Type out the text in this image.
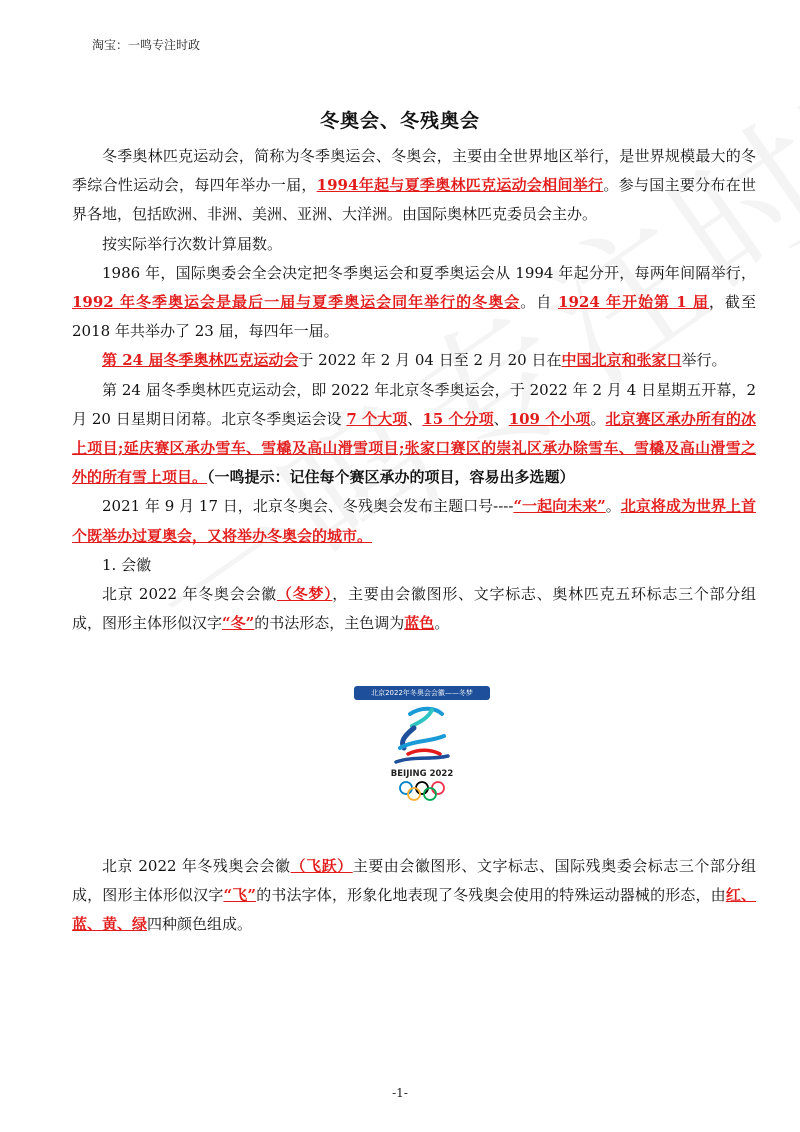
淘宝：一鸣专注时政
冬奥会、冬残奥会

冬季奥林匹克运动会，简称为冬季奥运会、冬奥会，主要由全世界地区举行，是世界规模最大的冬季综合性运动会，每四年举办一届，1994年起与夏季奥林匹克运动会相间举行。参与国主要分布在世界各地，包括欧洲、非洲、美洲、亚洲、大洋洲。由国际奥林匹克委员会主办。

按实际举行次数计算届数。

1986 年，国际奥委会全会决定把冬季奥运会和夏季奥运会从 1994 年起分开，每两年间隔举行，1992 年冬季奥运会是最后一届与夏季奥运会同年举行的冬奥会。自 1924 年开始第 1 届，截至 2018 年共举办了 23 届，每四年一届。

第 24 届冬季奥林匹克运动会于 2022 年 2 月 04 日至 2 月 20 日在中国北京和张家口举行。

第 24 届冬季奥林匹克运动会，即 2022 年北京冬季奥运会，于 2022 年 2 月 4 日星期五开幕，2 月 20 日星期日闭幕。北京冬季奥运会设 7 个大项、15 个分项、109 个小项。北京赛区承办所有的冰上项目;延庆赛区承办雪车、雪橇及高山滑雪项目;张家口赛区的崇礼区承办除雪车、雪橇及高山滑雪之外的所有雪上项目。（一鸣提示：记住每个赛区承办的项目，容易出多选题）

2021 年 9 月 17 日，北京冬奥会、冬残奥会发布主题口号----“一起向未来”。北京将成为世界上首个既举办过夏奥会，又将举办冬奥会的城市。

1. 会徽

北京 2022 年冬奥会会徽（冬梦），主要由会徽图形、文字标志、奥林匹克五环标志三个部分组成，图形主体形似汉字“冬”的书法形态，主色调为蓝色。

北京2022年冬奥会会徽——冬梦
BEIJING 2022

北京 2022 年冬残奥会会徽（飞跃）主要由会徽图形、文字标志、国际残奥委会标志三个部分组成，图形主体形似汉字“飞”的书法字体，形象化地表现了冬残奥会使用的特殊运动器械的形态，由红、蓝、黄、绿四种颜色组成。

-1-
